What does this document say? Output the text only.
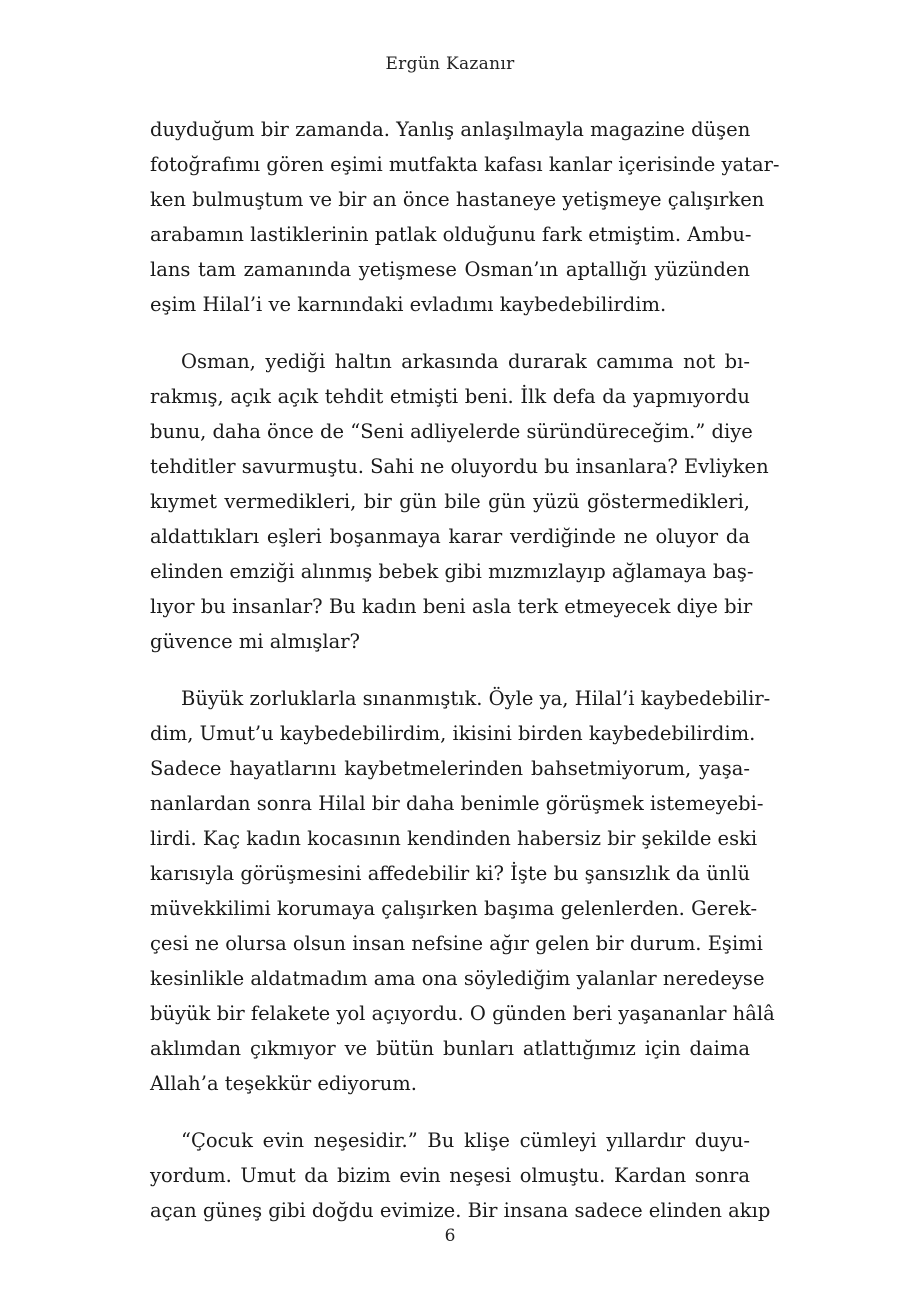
Ergün Kazanır
duyduğum bir zamanda. Yanlış anlaşılmayla magazine düşen
fotoğrafımı gören eşimi mutfakta kafası kanlar içerisinde yatar-
ken bulmuştum ve bir an önce hastaneye yetişmeye çalışırken
arabamın lastiklerinin patlak olduğunu fark etmiştim. Ambu-
lans tam zamanında yetişmese Osman’ın aptallığı yüzünden
eşim Hilal’i ve karnındaki evladımı kaybedebilirdim.
Osman, yediği haltın arkasında durarak camıma not bı-
rakmış, açık açık tehdit etmişti beni. İlk defa da yapmıyordu
bunu, daha önce de “Seni adliyelerde süründüreceğim.” diye
tehditler savurmuştu. Sahi ne oluyordu bu insanlara? Evliyken
kıymet vermedikleri, bir gün bile gün yüzü göstermedikleri,
aldattıkları eşleri boşanmaya karar verdiğinde ne oluyor da
elinden emziği alınmış bebek gibi mızmızlayıp ağlamaya baş-
lıyor bu insanlar? Bu kadın beni asla terk etmeyecek diye bir
güvence mi almışlar?
Büyük zorluklarla sınanmıştık. Öyle ya, Hilal’i kaybedebilir-
dim, Umut’u kaybedebilirdim, ikisini birden kaybedebilirdim.
Sadece hayatlarını kaybetmelerinden bahsetmiyorum, yaşa-
nanlardan sonra Hilal bir daha benimle görüşmek istemeyebi-
lirdi. Kaç kadın kocasının kendinden habersiz bir şekilde eski
karısıyla görüşmesini affedebilir ki? İşte bu şansızlık da ünlü
müvekkilimi korumaya çalışırken başıma gelenlerden. Gerek-
çesi ne olursa olsun insan nefsine ağır gelen bir durum. Eşimi
kesinlikle aldatmadım ama ona söylediğim yalanlar neredeyse
büyük bir felakete yol açıyordu. O günden beri yaşananlar hâlâ
aklımdan çıkmıyor ve bütün bunları atlattığımız için daima
Allah’a teşekkür ediyorum.
“Çocuk evin neşesidir.” Bu klişe cümleyi yıllardır duyu-
yordum. Umut da bizim evin neşesi olmuştu. Kardan sonra
açan güneş gibi doğdu evimize. Bir insana sadece elinden akıp
6
